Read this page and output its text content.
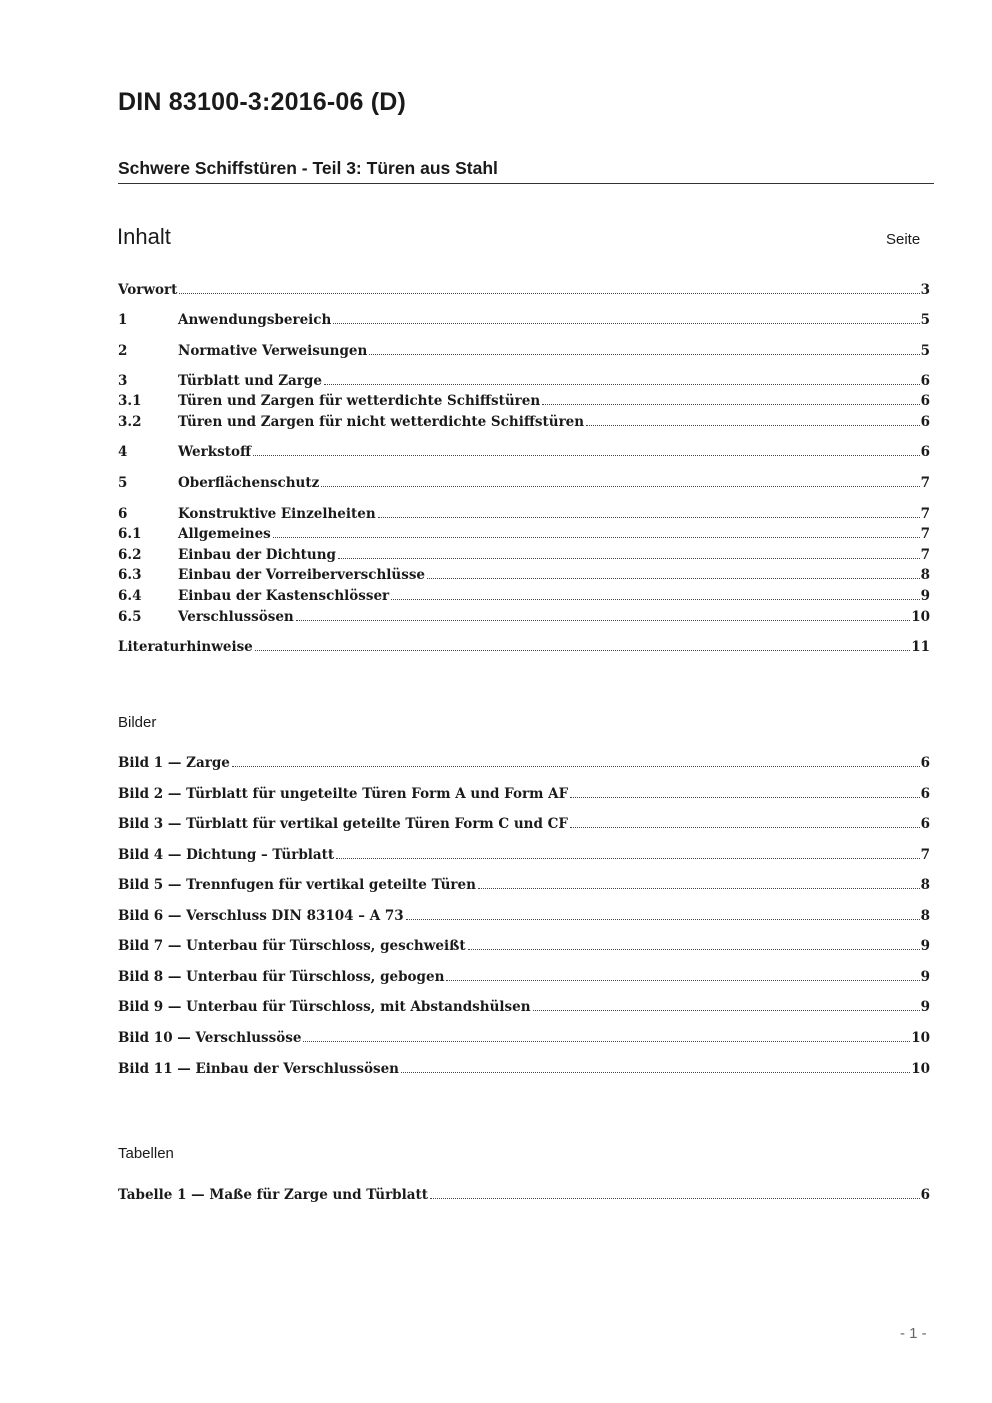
DIN 83100-3:2016-06 (D)
Schwere Schiffstüren - Teil 3: Türen aus Stahl
Inhalt	Seite
Vorwort	3
1	Anwendungsbereich	5
2	Normative Verweisungen	5
3	Türblatt und Zarge	6
3.1	Türen und Zargen für wetterdichte Schiffstüren	6
3.2	Türen und Zargen für nicht wetterdichte Schiffstüren	6
4	Werkstoff	6
5	Oberflächenschutz	7
6	Konstruktive Einzelheiten	7
6.1	Allgemeines	7
6.2	Einbau der Dichtung	7
6.3	Einbau der Vorreiberverschlüsse	8
6.4	Einbau der Kastenschlösser	9
6.5	Verschlussösen	10
Literaturhinweise	11
Bilder
Bild 1 — Zarge	6
Bild 2 — Türblatt für ungeteilte Türen Form A und Form AF	6
Bild 3 — Türblatt für vertikal geteilte Türen Form C und CF	6
Bild 4 — Dichtung – Türblatt	7
Bild 5 — Trennfugen für vertikal geteilte Türen	8
Bild 6 — Verschluss DIN 83104 – A 73	8
Bild 7 — Unterbau für Türschloss, geschweißt	9
Bild 8 — Unterbau für Türschloss, gebogen	9
Bild 9 — Unterbau für Türschloss, mit Abstandshülsen	9
Bild 10 — Verschlussöse	10
Bild 11 — Einbau der Verschlussösen	10
Tabellen
Tabelle 1 — Maße für Zarge und Türblatt	6
- 1 -
